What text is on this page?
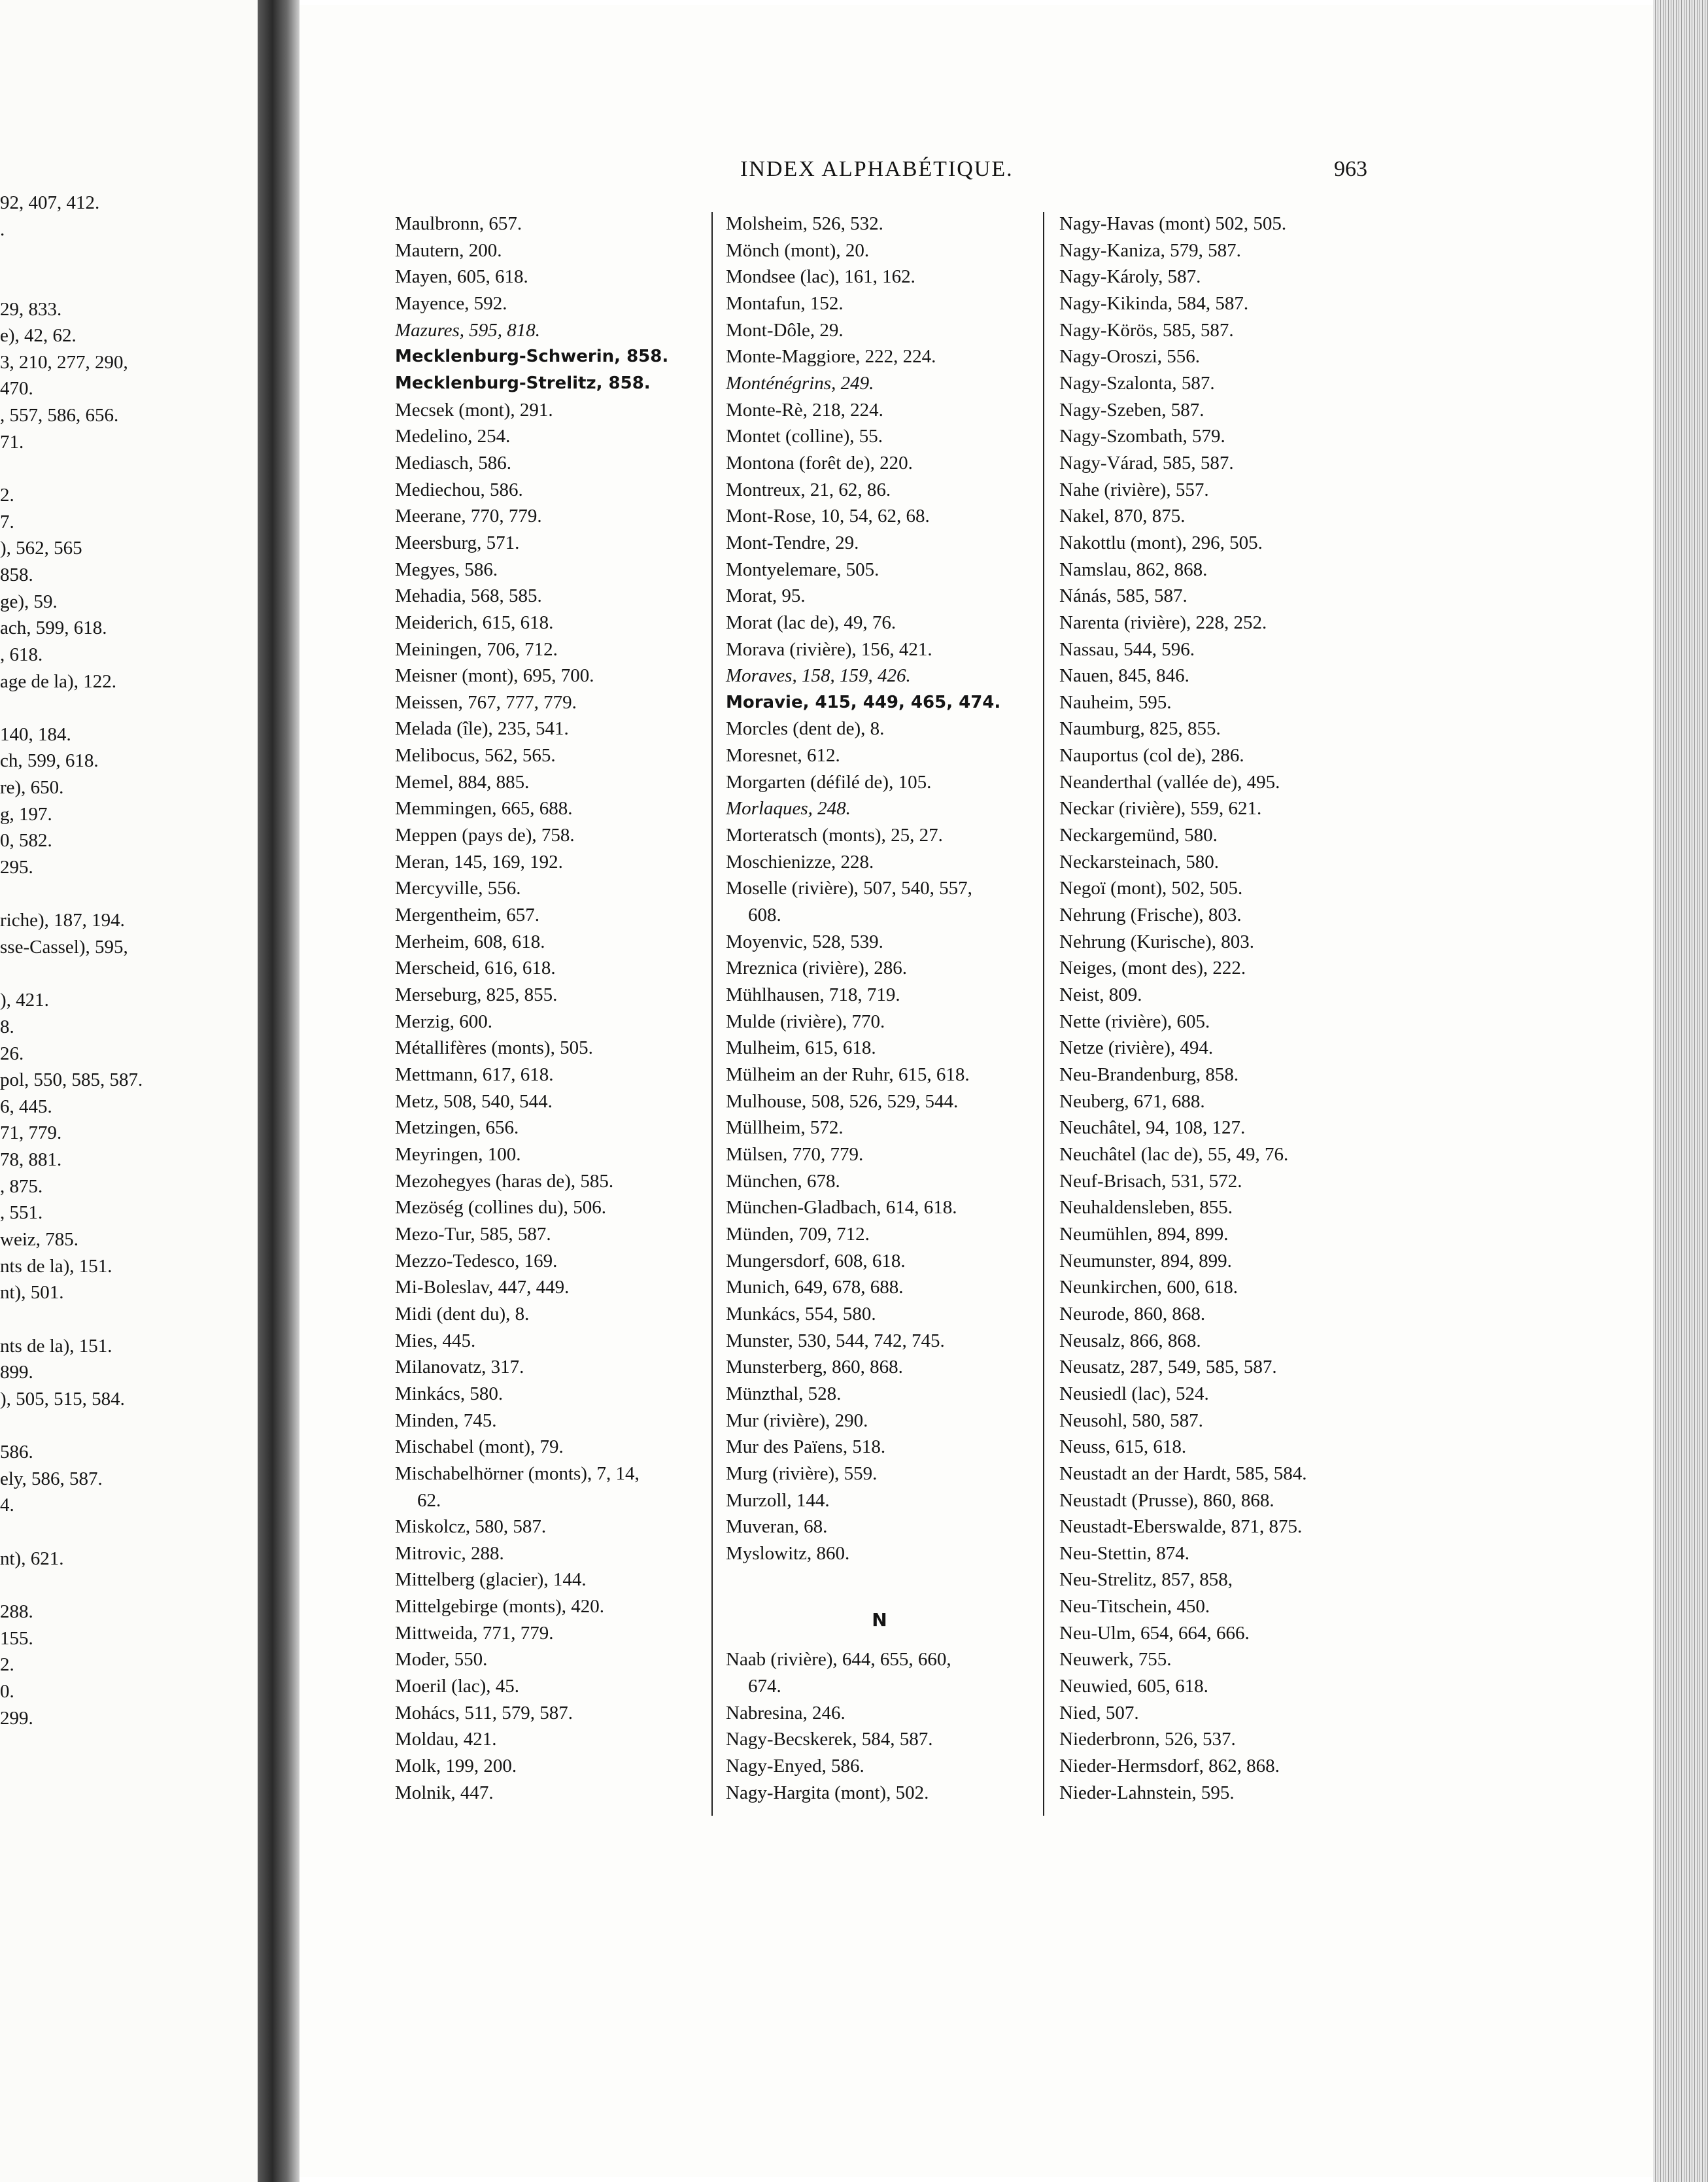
92, 407, 412.
.
29, 833.
e), 42, 62.
3, 210, 277, 290,
470.
, 557, 586, 656.
71.
2.
7.
), 562, 565
858.
ge), 59.
ach, 599, 618.
, 618.
age de la), 122.
140, 184.
ch, 599, 618.
re), 650.
g, 197.
0, 582.
295.
riche), 187, 194.
sse-Cassel), 595,
), 421.
8.
26.
pol, 550, 585, 587.
6, 445.
71, 779.
78, 881.
, 875.
, 551.
weiz, 785.
nts de la), 151.
nt), 501.
nts de la), 151.
899.
), 505, 515, 584.
586.
ely, 586, 587.
4.
nt), 621.
288.
155.
2.
0.
299.
INDEX ALPHABÉTIQUE.	963
Maulbronn, 657.
Mautern, 200.
Mayen, 605, 618.
Mayence, 592.
Mazures, 595, 818.
Mecklenburg-Schwerin, 858.
Mecklenburg-Strelitz, 858.
Mecsek (mont), 291.
Medelino, 254.
Mediasch, 586.
Mediechou, 586.
Meerane, 770, 779.
Meersburg, 571.
Megyes, 586.
Mehadia, 568, 585.
Meiderich, 615, 618.
Meiningen, 706, 712.
Meisner (mont), 695, 700.
Meissen, 767, 777, 779.
Melada (île), 235, 541.
Melibocus, 562, 565.
Memel, 884, 885.
Memmingen, 665, 688.
Meppen (pays de), 758.
Meran, 145, 169, 192.
Mercyville, 556.
Mergentheim, 657.
Merheim, 608, 618.
Merscheid, 616, 618.
Merseburg, 825, 855.
Merzig, 600.
Métallifères (monts), 505.
Mettmann, 617, 618.
Metz, 508, 540, 544.
Metzingen, 656.
Meyringen, 100.
Mezohegyes (haras de), 585.
Mezöség (collines du), 506.
Mezo-Tur, 585, 587.
Mezzo-Tedesco, 169.
Mi-Boleslav, 447, 449.
Midi (dent du), 8.
Mies, 445.
Milanovatz, 317.
Minkács, 580.
Minden, 745.
Mischabel (mont), 79.
Mischabelhörner (monts), 7, 14,
62.
Miskolcz, 580, 587.
Mitrovic, 288.
Mittelberg (glacier), 144.
Mittelgebirge (monts), 420.
Mittweida, 771, 779.
Moder, 550.
Moeril (lac), 45.
Mohács, 511, 579, 587.
Moldau, 421.
Molk, 199, 200.
Molnik, 447.
Molsheim, 526, 532.
Mönch (mont), 20.
Mondsee (lac), 161, 162.
Montafun, 152.
Mont-Dôle, 29.
Monte-Maggiore, 222, 224.
Monténégrins, 249.
Monte-Rè, 218, 224.
Montet (colline), 55.
Montona (forêt de), 220.
Montreux, 21, 62, 86.
Mont-Rose, 10, 54, 62, 68.
Mont-Tendre, 29.
Montyelemare, 505.
Morat, 95.
Morat (lac de), 49, 76.
Morava (rivière), 156, 421.
Moraves, 158, 159, 426.
Moravie, 415, 449, 465, 474.
Morcles (dent de), 8.
Moresnet, 612.
Morgarten (défilé de), 105.
Morlaques, 248.
Morteratsch (monts), 25, 27.
Moschienizze, 228.
Moselle (rivière), 507, 540, 557,
608.
Moyenvic, 528, 539.
Mreznica (rivière), 286.
Mühlhausen, 718, 719.
Mulde (rivière), 770.
Mulheim, 615, 618.
Mülheim an der Ruhr, 615, 618.
Mulhouse, 508, 526, 529, 544.
Müllheim, 572.
Mülsen, 770, 779.
München, 678.
München-Gladbach, 614, 618.
Münden, 709, 712.
Mungersdorf, 608, 618.
Munich, 649, 678, 688.
Munkács, 554, 580.
Munster, 530, 544, 742, 745.
Munsterberg, 860, 868.
Münzthal, 528.
Mur (rivière), 290.
Mur des Païens, 518.
Murg (rivière), 559.
Murzoll, 144.
Muveran, 68.
Myslowitz, 860.
N
Naab (rivière), 644, 655, 660,
674.
Nabresina, 246.
Nagy-Becskerek, 584, 587.
Nagy-Enyed, 586.
Nagy-Hargita (mont), 502.
Nagy-Havas (mont) 502, 505.
Nagy-Kaniza, 579, 587.
Nagy-Károly, 587.
Nagy-Kikinda, 584, 587.
Nagy-Körös, 585, 587.
Nagy-Oroszi, 556.
Nagy-Szalonta, 587.
Nagy-Szeben, 587.
Nagy-Szombath, 579.
Nagy-Várad, 585, 587.
Nahe (rivière), 557.
Nakel, 870, 875.
Nakottlu (mont), 296, 505.
Namslau, 862, 868.
Nánás, 585, 587.
Narenta (rivière), 228, 252.
Nassau, 544, 596.
Nauen, 845, 846.
Nauheim, 595.
Naumburg, 825, 855.
Nauportus (col de), 286.
Neanderthal (vallée de), 495.
Neckar (rivière), 559, 621.
Neckargemünd, 580.
Neckarsteinach, 580.
Negoï (mont), 502, 505.
Nehrung (Frische), 803.
Nehrung (Kurische), 803.
Neiges, (mont des), 222.
Neist, 809.
Nette (rivière), 605.
Netze (rivière), 494.
Neu-Brandenburg, 858.
Neuberg, 671, 688.
Neuchâtel, 94, 108, 127.
Neuchâtel (lac de), 55, 49, 76.
Neuf-Brisach, 531, 572.
Neuhaldensleben, 855.
Neumühlen, 894, 899.
Neumunster, 894, 899.
Neunkirchen, 600, 618.
Neurode, 860, 868.
Neusalz, 866, 868.
Neusatz, 287, 549, 585, 587.
Neusiedl (lac), 524.
Neusohl, 580, 587.
Neuss, 615, 618.
Neustadt an der Hardt, 585, 584.
Neustadt (Prusse), 860, 868.
Neustadt-Eberswalde, 871, 875.
Neu-Stettin, 874.
Neu-Strelitz, 857, 858,
Neu-Titschein, 450.
Neu-Ulm, 654, 664, 666.
Neuwerk, 755.
Neuwied, 605, 618.
Nied, 507.
Niederbronn, 526, 537.
Nieder-Hermsdorf, 862, 868.
Nieder-Lahnstein, 595.
